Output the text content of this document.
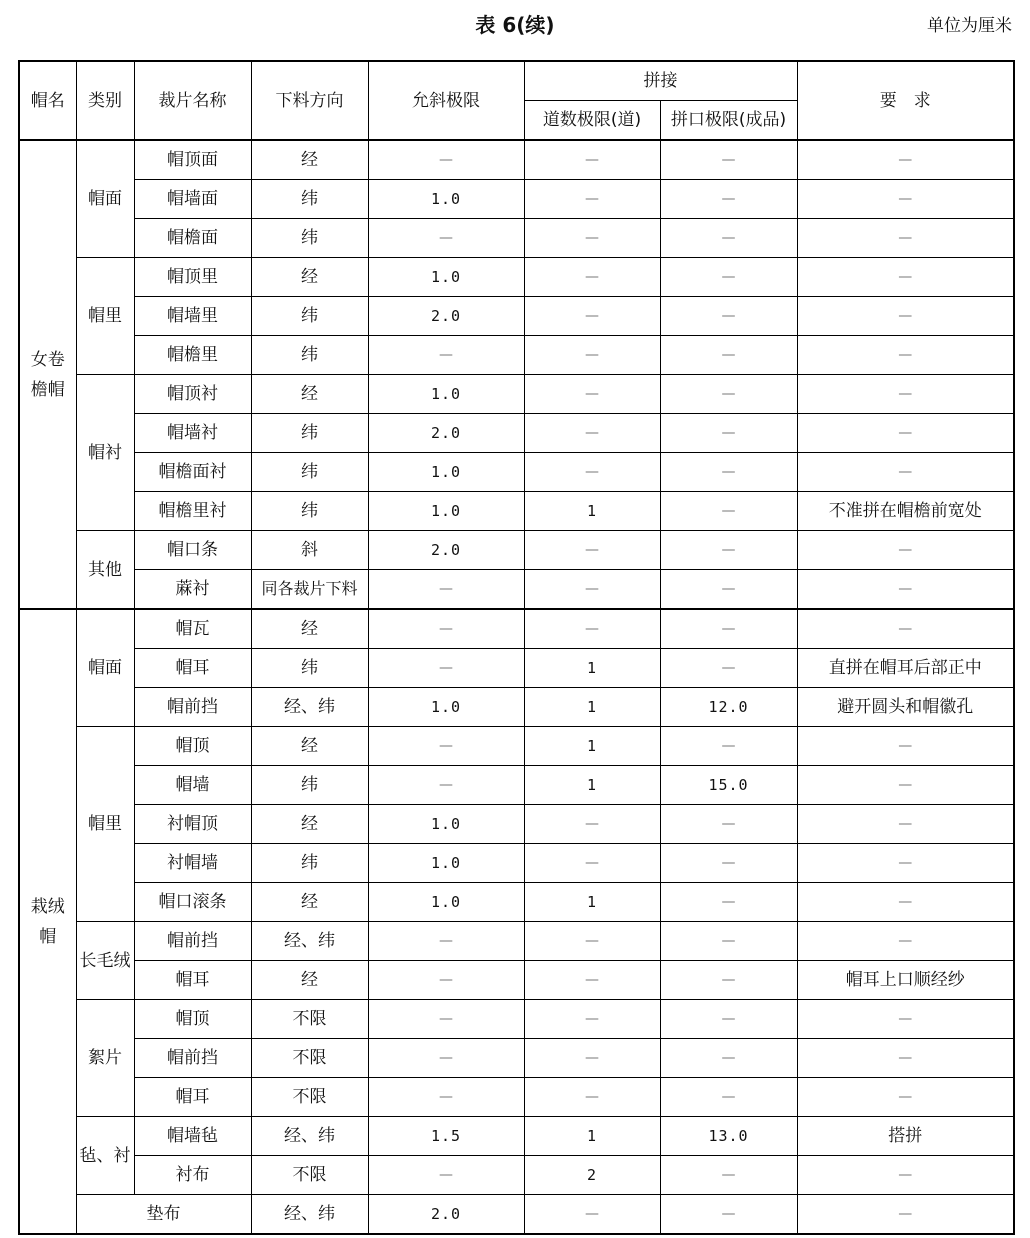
表 6(续)	单位为厘米
帽名	类别	裁片名称	下料方向	允斜极限	拼接		要　求
					道数极限(道)	拼口极限(成品)	
女卷檐帽	帽面	帽顶面	经	—	—	—	—
		帽墙面	纬	1.0	—	—	—
		帽檐面	纬	—	—	—	—
	帽里	帽顶里	经	1.0	—	—	—
		帽墙里	纬	2.0	—	—	—
		帽檐里	纬	—	—	—	—
	帽衬	帽顶衬	经	1.0	—	—	—
		帽墙衬	纬	2.0	—	—	—
		帽檐面衬	纬	1.0	—	—	—
		帽檐里衬	纬	1.0	1	—	不准拼在帽檐前宽处
	其他	帽口条	斜	2.0	—	—	—
		蔴衬	同各裁片下料	—	—	—	—
栽绒帽	帽面	帽瓦	经	—	—	—	—
		帽耳	纬	—	1	—	直拼在帽耳后部正中
		帽前挡	经、纬	1.0	1	12.0	避开圆头和帽徽孔
	帽里	帽顶	经	—	1	—	—
		帽墙	纬	—	1	15.0	—
		衬帽顶	经	1.0	—	—	—
		衬帽墙	纬	1.0	—	—	—
		帽口滚条	经	1.0	1	—	—
	长毛绒	帽前挡	经、纬	—	—	—	—
		帽耳	经	—	—	—	帽耳上口顺经纱
	絮片	帽顶	不限	—	—	—	—
		帽前挡	不限	—	—	—	—
		帽耳	不限	—	—	—	—
	毡、衬	帽墙毡	经、纬	1.5	1	13.0	搭拼
		衬布	不限	—	2	—	—
	垫布		经、纬	2.0	—	—	—
